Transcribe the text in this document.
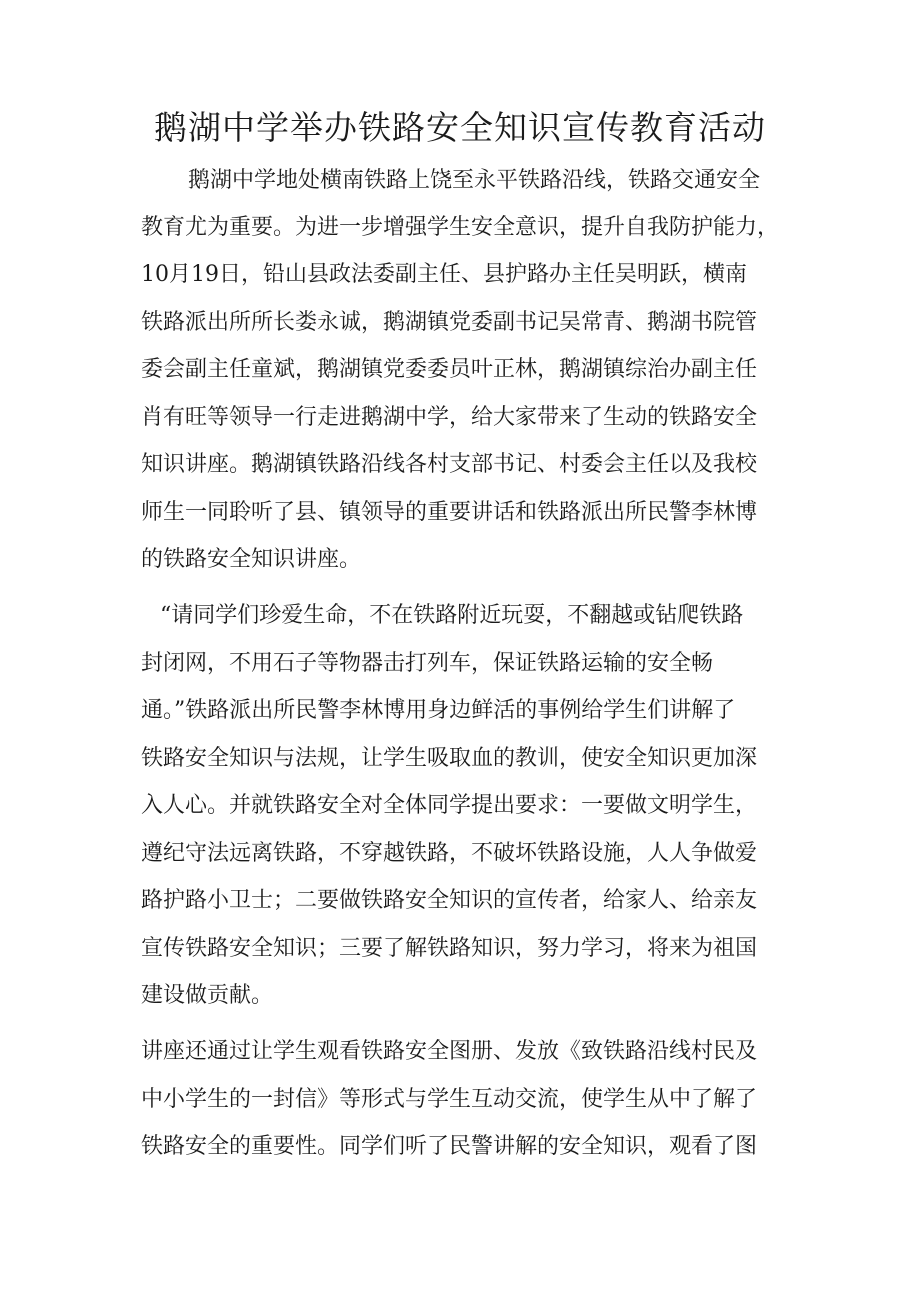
鹅湖中学举办铁路安全知识宣传教育活动
鹅湖中学地处横南铁路上饶至永平铁路沿线，铁路交通安全
教育尤为重要。为进一步增强学生安全意识，提升自我防护能力，
10月19日，铅山县政法委副主任、县护路办主任吴明跃，横南
铁路派出所所长娄永诚，鹅湖镇党委副书记吴常青、鹅湖书院管
委会副主任童斌，鹅湖镇党委委员叶正林，鹅湖镇综治办副主任
肖有旺等领导一行走进鹅湖中学，给大家带来了生动的铁路安全
知识讲座。鹅湖镇铁路沿线各村支部书记、村委会主任以及我校
师生一同聆听了县、镇领导的重要讲话和铁路派出所民警李林博
的铁路安全知识讲座。
“请同学们珍爱生命，不在铁路附近玩耍，不翻越或钻爬铁路
封闭网，不用石子等物器击打列车，保证铁路运输的安全畅
通。”铁路派出所民警李林博用身边鲜活的事例给学生们讲解了
铁路安全知识与法规，让学生吸取血的教训，使安全知识更加深
入人心。并就铁路安全对全体同学提出要求：一要做文明学生，
遵纪守法远离铁路，不穿越铁路，不破坏铁路设施，人人争做爱
路护路小卫士；二要做铁路安全知识的宣传者，给家人、给亲友
宣传铁路安全知识；三要了解铁路知识，努力学习，将来为祖国
建设做贡献。
讲座还通过让学生观看铁路安全图册、发放《致铁路沿线村民及
中小学生的一封信》等形式与学生互动交流，使学生从中了解了
铁路安全的重要性。同学们听了民警讲解的安全知识，观看了图
